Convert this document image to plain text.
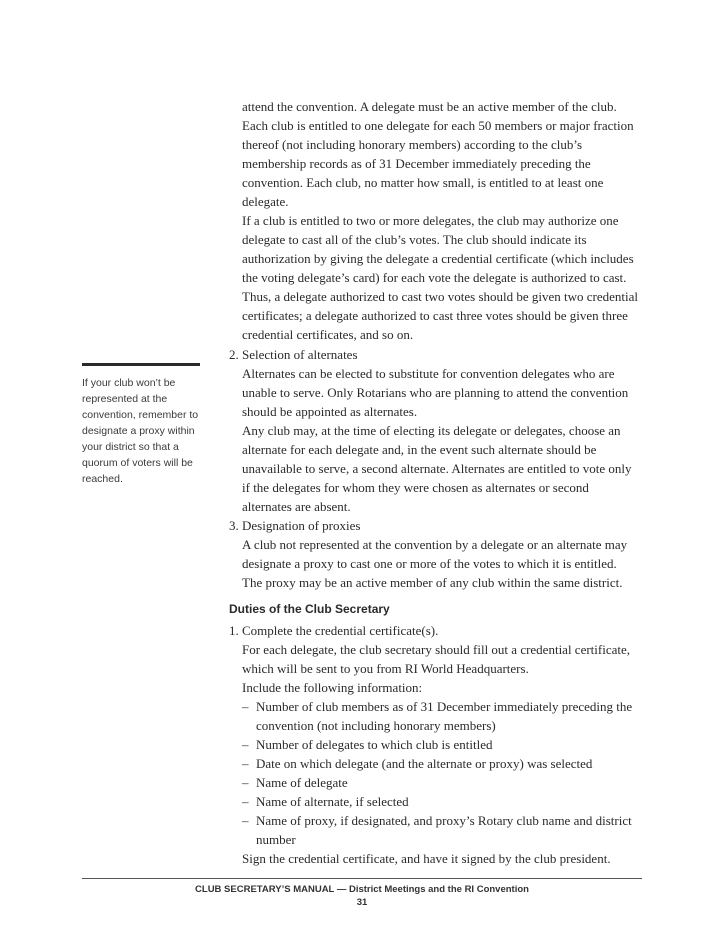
attend the convention. A delegate must be an active member of the club. Each club is entitled to one delegate for each 50 members or major fraction thereof (not including honorary members) according to the club’s membership records as of 31 December immediately preceding the convention. Each club, no matter how small, is entitled to at least one delegate.

If a club is entitled to two or more delegates, the club may authorize one delegate to cast all of the club’s votes. The club should indicate its authorization by giving the delegate a credential certificate (which includes the voting delegate’s card) for each vote the delegate is authorized to cast. Thus, a delegate authorized to cast two votes should be given two credential certificates; a delegate authorized to cast three votes should be given three credential certificates, and so on.

2. Selection of alternates

Alternates can be elected to substitute for convention delegates who are unable to serve. Only Rotarians who are planning to attend the convention should be appointed as alternates.

Any club may, at the time of electing its delegate or delegates, choose an alternate for each delegate and, in the event such alternate should be unavailable to serve, a second alternate. Alternates are entitled to vote only if the delegates for whom they were chosen as alternates or second alternates are absent.

3. Designation of proxies

A club not represented at the convention by a delegate or an alternate may designate a proxy to cast one or more of the votes to which it is entitled. The proxy may be an active member of any club within the same district.

Duties of the Club Secretary

1. Complete the credential certificate(s).

For each delegate, the club secretary should fill out a credential certificate, which will be sent to you from RI World Headquarters.

Include the following information:

– Number of club members as of 31 December immediately preceding the convention (not including honorary members)
– Number of delegates to which club is entitled
– Date on which delegate (and the alternate or proxy) was selected
– Name of delegate
– Name of alternate, if selected
– Name of proxy, if designated, and proxy’s Rotary club name and district number

Sign the credential certificate, and have it signed by the club president.

If your club won’t be represented at the convention, remember to designate a proxy within your district so that a quorum of voters will be reached.
CLUB SECRETARY’S MANUAL — District Meetings and the RI Convention
31
